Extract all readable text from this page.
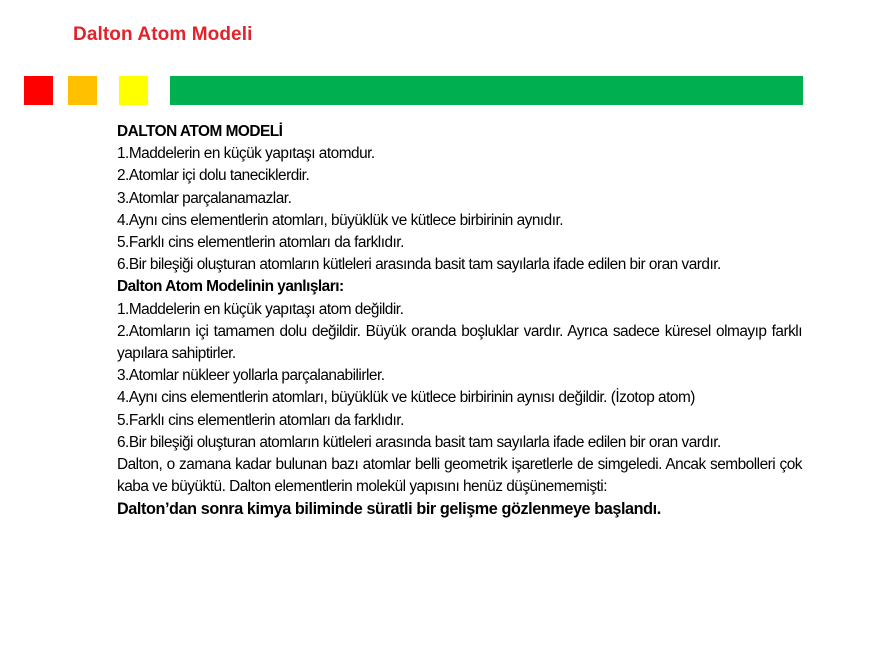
Dalton Atom Modeli

DALTON ATOM MODELİ

1.Maddelerin en küçük yapıtaşı atomdur.

2.Atomlar içi dolu taneciklerdir.

3.Atomlar parçalanamazlar.

4.Aynı cins elementlerin atomları, büyüklük ve kütlece birbirinin aynıdır.

5.Farklı cins elementlerin atomları da farklıdır.

6.Bir bileşiği oluşturan atomların kütleleri arasında basit tam sayılarla ifade edilen bir oran vardır.

Dalton Atom Modelinin yanlışları:

1.Maddelerin en küçük yapıtaşı atom değildir.

2.Atomların içi tamamen dolu değildir. Büyük oranda boşluklar vardır. Ayrıca sadece küresel olmayıp farklı yapılara sahiptirler.

3.Atomlar nükleer yollarla parçalanabilirler.

4.Aynı cins elementlerin atomları, büyüklük ve kütlece birbirinin aynısı değildir. (İzotop atom)

5.Farklı cins elementlerin atomları da farklıdır.

6.Bir bileşiği oluşturan atomların kütleleri arasında basit tam sayılarla ifade edilen bir oran vardır.

Dalton, o zamana kadar bulunan bazı atomlar belli geometrik işaretlerle de simgeledi. Ancak sembolleri çok kaba ve büyüktü. Dalton elementlerin molekül yapısını henüz düşünememişti:

Dalton’dan sonra kimya biliminde süratli bir gelişme gözlenmeye başlandı.
